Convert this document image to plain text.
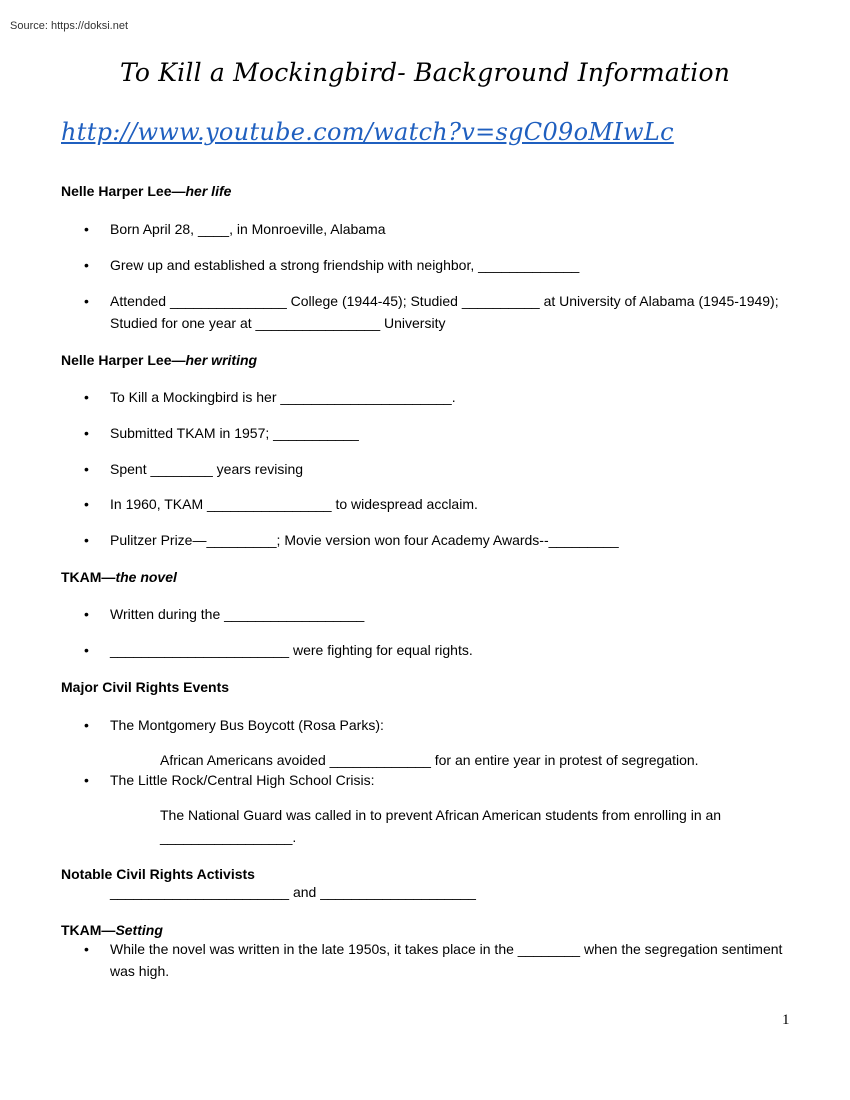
Source: https://doksi.net
To Kill a Mockingbird- Background Information
http://www.youtube.com/watch?v=sgC09oMIwLc
Nelle Harper Lee—her life
• Born April 28, ____, in Monroeville, Alabama
• Grew up and established a strong friendship with neighbor, _____________
• Attended _______________ College (1944-45); Studied __________ at University of Alabama (1945-1949);
Studied for one year at ________________ University
Nelle Harper Lee—her writing
• To Kill a Mockingbird is her ______________________.
• Submitted TKAM in 1957; ___________
• Spent ________ years revising
• In 1960, TKAM ________________ to widespread acclaim.
• Pulitzer Prize—_________; Movie version won four Academy Awards--_________
TKAM—the novel
• Written during the __________________
• _______________________ were fighting for equal rights.
Major Civil Rights Events
• The Montgomery Bus Boycott (Rosa Parks):
African Americans avoided _____________ for an entire year in protest of segregation.
• The Little Rock/Central High School Crisis:
The National Guard was called in to prevent African American students from enrolling in an
_________________.
Notable Civil Rights Activists
_______________________ and ____________________
TKAM—Setting
• While the novel was written in the late 1950s, it takes place in the ________ when the segregation sentiment
was high.
1
